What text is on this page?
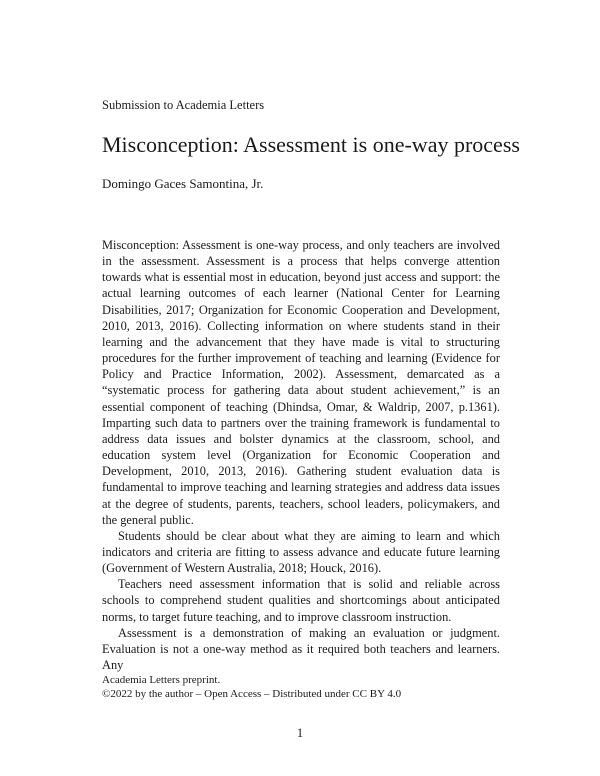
Submission to Academia Letters
Misconception: Assessment is one-way process
Domingo Gaces Samontina, Jr.

Misconception: Assessment is one-way process, and only teachers are involved in the assessment. Assessment is a process that helps converge attention towards what is essential most in education, beyond just access and support: the actual learning outcomes of each learner (National Center for Learning Disabilities, 2017; Organization for Economic Cooperation and Development, 2010, 2013, 2016). Collecting information on where students stand in their learning and the advancement that they have made is vital to structuring procedures for the further improvement of teaching and learning (Evidence for Policy and Practice Information, 2002). Assessment, demarcated as a “systematic process for gathering data about student achievement,” is an essential component of teaching (Dhindsa, Omar, & Waldrip, 2007, p.1361). Imparting such data to partners over the training framework is fundamental to address data issues and bolster dynamics at the classroom, school, and education system level (Organization for Economic Cooperation and Development, 2010, 2013, 2016). Gathering student evaluation data is fundamental to improve teaching and learning strategies and address data issues at the degree of students, parents, teachers, school leaders, policymakers, and the general public.

Students should be clear about what they are aiming to learn and which indicators and criteria are fitting to assess advance and educate future learning (Government of Western Australia, 2018; Houck, 2016).

Teachers need assessment information that is solid and reliable across schools to comprehend student qualities and shortcomings about anticipated norms, to target future teaching, and to improve classroom instruction.

Assessment is a demonstration of making an evaluation or judgment. Evaluation is not a one-way method as it required both teachers and learners. Any

Academia Letters preprint.
©2022 by the author – Open Access – Distributed under CC BY 4.0
1
